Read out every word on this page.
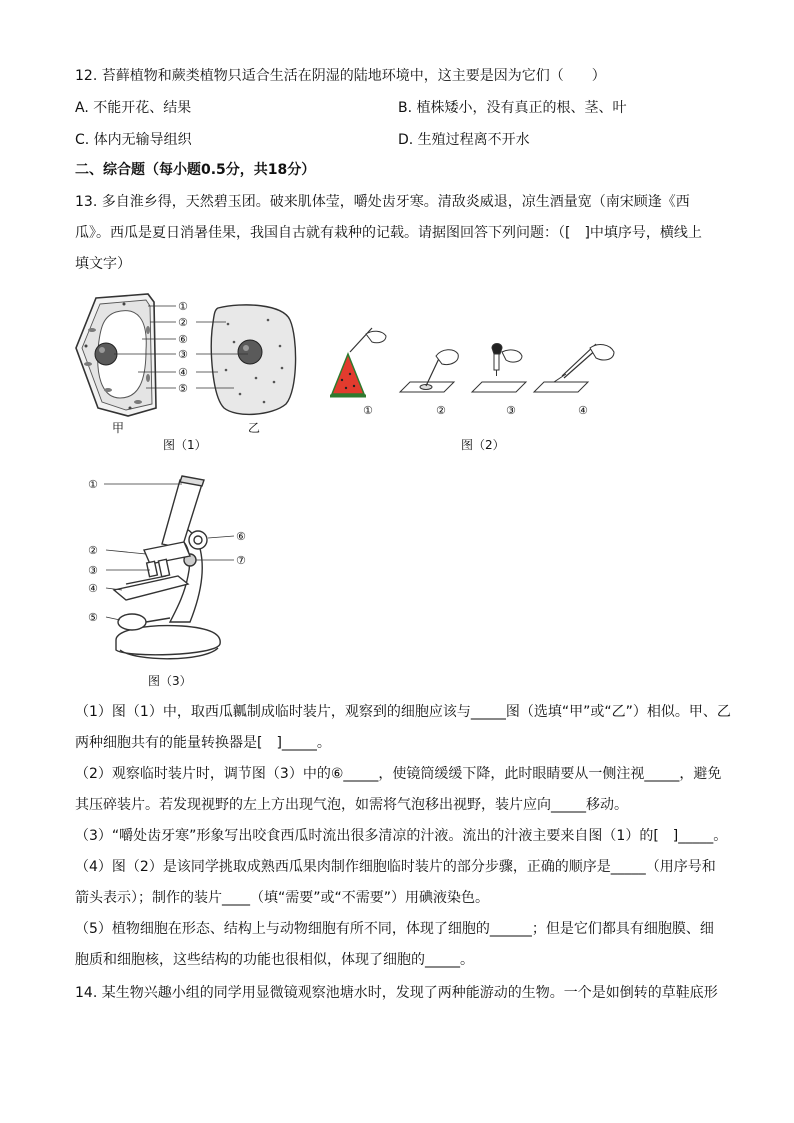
12. 苔藓植物和蕨类植物只适合生活在阴湿的陆地环境中，这主要是因为它们（　　）
A. 不能开花、结果	B. 植株矮小，没有真正的根、茎、叶
C. 体内无输导组织	D. 生殖过程离不开水
二、综合题（每小题0.5分，共18分）
13. 多自淮乡得，天然碧玉团。破来肌体莹，嚼处齿牙寒。清敌炎威退，凉生酒量宽（南宋顾逢《西
瓜》。西瓜是夏日消暑佳果，我国自古就有栽种的记载。请据图回答下列问题：（[　]中填序号，横线上
填文字）
①
②
⑥
③
④
⑤
甲	乙
图（1）
①	②	③	④
图（2）
①
②
③
④
⑤
⑥
⑦
图（3）
（1）图（1）中，取西瓜瓤制成临时装片，观察到的细胞应该与_____图（选填“甲”或“乙”）相似。甲、乙
两种细胞共有的能量转换器是[　]_____。
（2）观察临时装片时，调节图（3）中的⑥_____，使镜筒缓缓下降，此时眼睛要从一侧注视_____，避免
其压碎装片。若发现视野的左上方出现气泡，如需将气泡移出视野，装片应向_____移动。
（3）“嚼处齿牙寒”形象写出咬食西瓜时流出很多清凉的汁液。流出的汁液主要来自图（1）的[　]_____。
（4）图（2）是该同学挑取成熟西瓜果肉制作细胞临时装片的部分步骤，正确的顺序是_____（用序号和
箭头表示）；制作的装片____（填“需要”或“不需要”）用碘液染色。
（5）植物细胞在形态、结构上与动物细胞有所不同，体现了细胞的______；但是它们都具有细胞膜、细
胞质和细胞核，这些结构的功能也很相似，体现了细胞的_____。
14. 某生物兴趣小组的同学用显微镜观察池塘水时，发现了两种能游动的生物。一个是如倒转的草鞋底形
